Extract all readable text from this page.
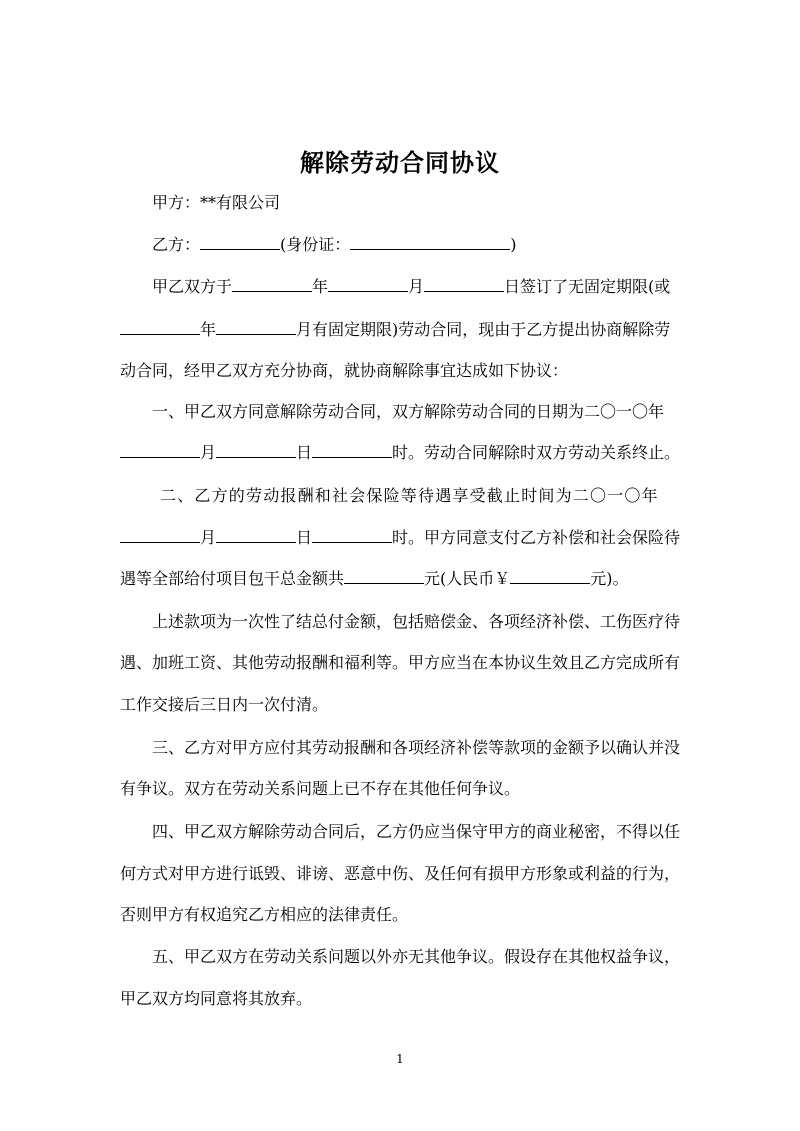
解除劳动合同协议
甲方：**有限公司
乙方：	(身份证：	)
甲乙双方于	年	月	日签订了无固定期限(或
年	月有固定期限)劳动合同，现由于乙方提出协商解除劳
动合同，经甲乙双方充分协商，就协商解除事宜达成如下协议：
一、甲乙双方同意解除劳动合同，双方解除劳动合同的日期为二〇一〇年
月	日	时。劳动合同解除时双方劳动关系终止。
二、乙方的劳动报酬和社会保险等待遇享受截止时间为二〇一〇年
月	日	时。甲方同意支付乙方补偿和社会保险待
遇等全部给付项目包干总金额共	元(人民币￥	元)。
上述款项为一次性了结总付金额，包括赔偿金、各项经济补偿、工伤医疗待
遇、加班工资、其他劳动报酬和福利等。甲方应当在本协议生效且乙方完成所有
工作交接后三日内一次付清。
三、乙方对甲方应付其劳动报酬和各项经济补偿等款项的金额予以确认并没
有争议。双方在劳动关系问题上已不存在其他任何争议。
四、甲乙双方解除劳动合同后，乙方仍应当保守甲方的商业秘密，不得以任
何方式对甲方进行诋毁、诽谤、恶意中伤、及任何有损甲方形象或利益的行为，
否则甲方有权追究乙方相应的法律责任。
五、甲乙双方在劳动关系问题以外亦无其他争议。假设存在其他权益争议，
甲乙双方均同意将其放弃。
1
